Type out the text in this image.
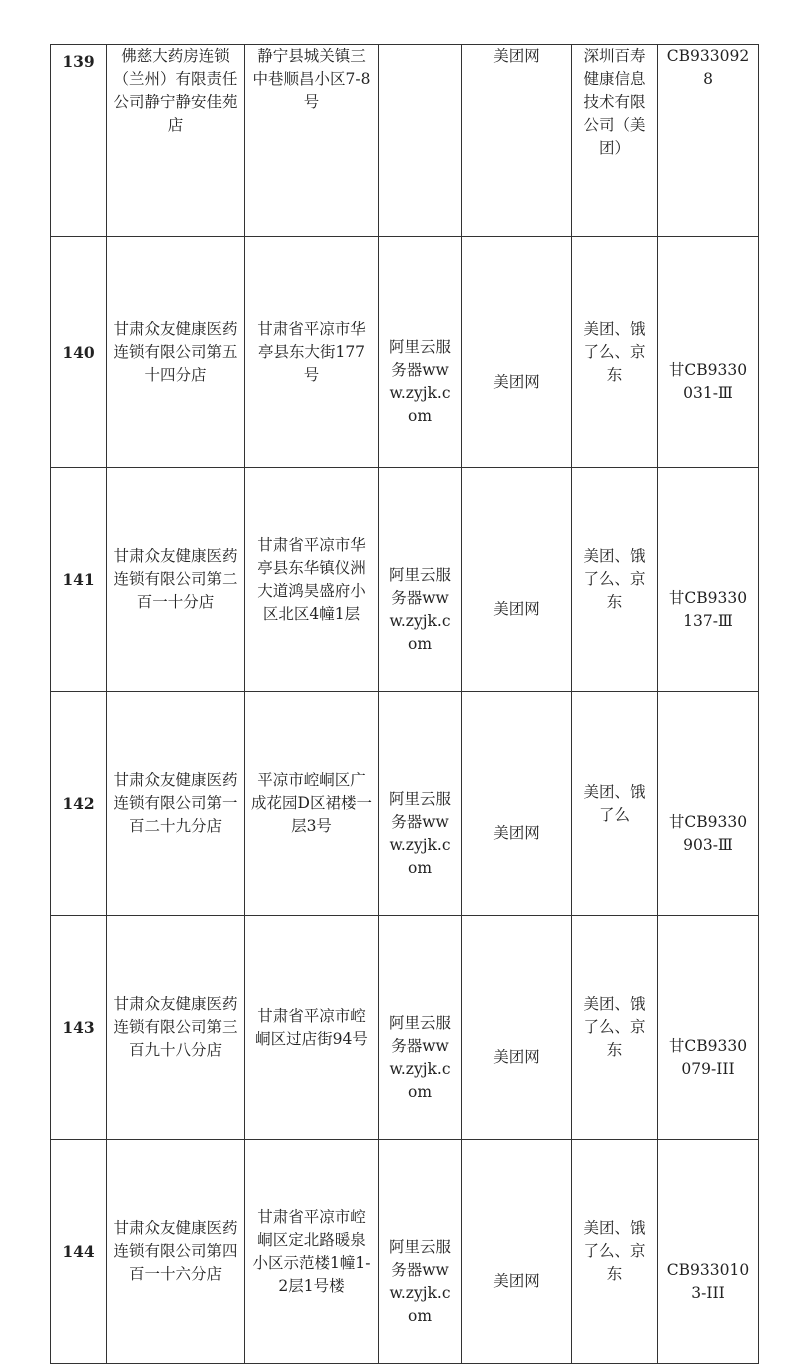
139	佛慈大药房连锁（兰州）有限责任公司静宁静安佳苑店	静宁县城关镇三中巷顺昌小区7-8号		美团网	深圳百寿健康信息技术有限公司（美团）	CB9330928
140	甘肃众友健康医药连锁有限公司第五十四分店	甘肃省平凉市华亭县东大街177号	阿里云服务器www.zyjk.com	美团网	美团、饿了么、京东	甘CB9330031-Ⅲ
141	甘肃众友健康医药连锁有限公司第二百一十分店	甘肃省平凉市华亭县东华镇仪洲大道鸿昊盛府小区北区4幢1层	阿里云服务器www.zyjk.com	美团网	美团、饿了么、京东	甘CB9330137-Ⅲ
142	甘肃众友健康医药连锁有限公司第一百二十九分店	平凉市崆峒区广成花园D区裙楼一层3号	阿里云服务器www.zyjk.com	美团网	美团、饿了么	甘CB9330903-Ⅲ
143	甘肃众友健康医药连锁有限公司第三百九十八分店	甘肃省平凉市崆峒区过店街94号	阿里云服务器www.zyjk.com	美团网	美团、饿了么、京东	甘CB9330079-III
144	甘肃众友健康医药连锁有限公司第四百一十六分店	甘肃省平凉市崆峒区定北路暖泉小区示范楼1幢1-2层1号楼	阿里云服务器www.zyjk.com	美团网	美团、饿了么、京东	CB9330103-III
